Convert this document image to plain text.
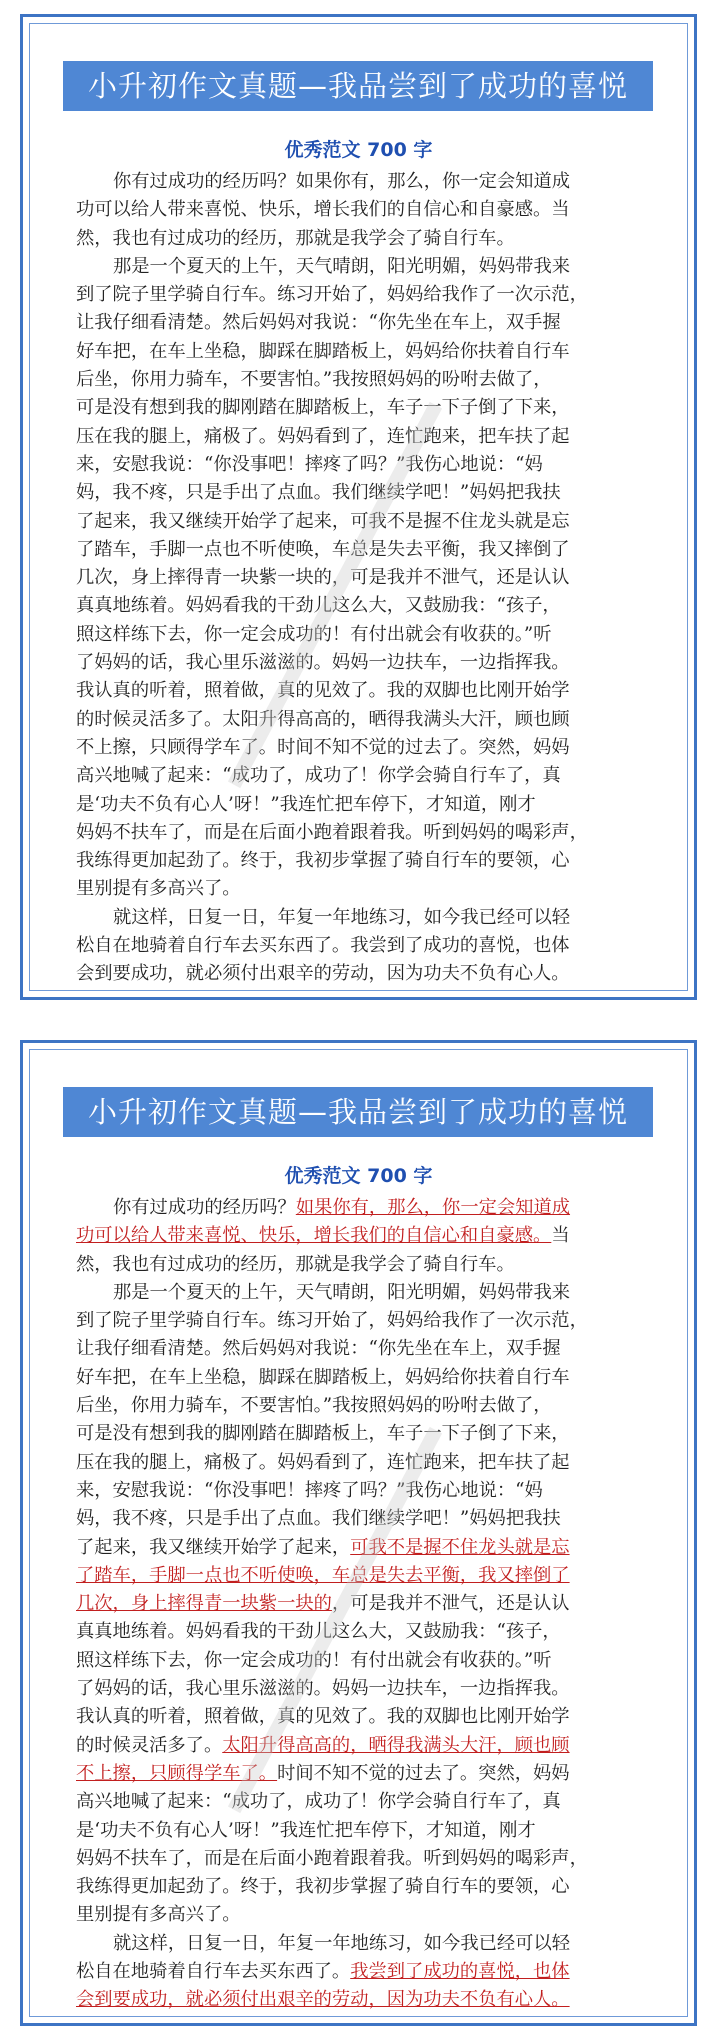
小升初作文真题—我品尝到了成功的喜悦
优秀范文 700 字
你有过成功的经历吗？如果你有，那么，你一定会知道成
功可以给人带来喜悦、快乐，增长我们的自信心和自豪感。当
然，我也有过成功的经历，那就是我学会了骑自行车。
那是一个夏天的上午，天气晴朗，阳光明媚，妈妈带我来
到了院子里学骑自行车。练习开始了，妈妈给我作了一次示范，
让我仔细看清楚。然后妈妈对我说：“你先坐在车上，双手握
好车把，在车上坐稳，脚踩在脚踏板上，妈妈给你扶着自行车
后坐，你用力骑车，不要害怕。”我按照妈妈的吩咐去做了，
可是没有想到我的脚刚踏在脚踏板上，车子一下子倒了下来，
压在我的腿上，痛极了。妈妈看到了，连忙跑来，把车扶了起
来，安慰我说：“你没事吧！摔疼了吗？”我伤心地说：“妈
妈，我不疼，只是手出了点血。我们继续学吧！”妈妈把我扶
了起来，我又继续开始学了起来，可我不是握不住龙头就是忘
了踏车，手脚一点也不听使唤，车总是失去平衡，我又摔倒了
几次，身上摔得青一块紫一块的，可是我并不泄气，还是认认
真真地练着。妈妈看我的干劲儿这么大，又鼓励我：“孩子，
照这样练下去，你一定会成功的！有付出就会有收获的。”听
了妈妈的话，我心里乐滋滋的。妈妈一边扶车，一边指挥我。
我认真的听着，照着做，真的见效了。我的双脚也比刚开始学
的时候灵活多了。太阳升得高高的，晒得我满头大汗，顾也顾
不上擦，只顾得学车了。时间不知不觉的过去了。突然，妈妈
高兴地喊了起来：“成功了，成功了！你学会骑自行车了，真
是‘功夫不负有心人’呀！”我连忙把车停下，才知道，刚才
妈妈不扶车了，而是在后面小跑着跟着我。听到妈妈的喝彩声，
我练得更加起劲了。终于，我初步掌握了骑自行车的要领，心
里别提有多高兴了。
就这样，日复一日，年复一年地练习，如今我已经可以轻
松自在地骑着自行车去买东西了。我尝到了成功的喜悦，也体
会到要成功，就必须付出艰辛的劳动，因为功夫不负有心人。
小升初作文真题—我品尝到了成功的喜悦
优秀范文 700 字
你有过成功的经历吗？如果你有，那么，你一定会知道成
功可以给人带来喜悦、快乐，增长我们的自信心和自豪感。当
然，我也有过成功的经历，那就是我学会了骑自行车。
那是一个夏天的上午，天气晴朗，阳光明媚，妈妈带我来
到了院子里学骑自行车。练习开始了，妈妈给我作了一次示范，
让我仔细看清楚。然后妈妈对我说：“你先坐在车上，双手握
好车把，在车上坐稳，脚踩在脚踏板上，妈妈给你扶着自行车
后坐，你用力骑车，不要害怕。”我按照妈妈的吩咐去做了，
可是没有想到我的脚刚踏在脚踏板上，车子一下子倒了下来，
压在我的腿上，痛极了。妈妈看到了，连忙跑来，把车扶了起
来，安慰我说：“你没事吧！摔疼了吗？”我伤心地说：“妈
妈，我不疼，只是手出了点血。我们继续学吧！”妈妈把我扶
了起来，我又继续开始学了起来，可我不是握不住龙头就是忘
了踏车，手脚一点也不听使唤，车总是失去平衡，我又摔倒了
几次，身上摔得青一块紫一块的，可是我并不泄气，还是认认
真真地练着。妈妈看我的干劲儿这么大，又鼓励我：“孩子，
照这样练下去，你一定会成功的！有付出就会有收获的。”听
了妈妈的话，我心里乐滋滋的。妈妈一边扶车，一边指挥我。
我认真的听着，照着做，真的见效了。我的双脚也比刚开始学
的时候灵活多了。太阳升得高高的，晒得我满头大汗，顾也顾
不上擦，只顾得学车了。时间不知不觉的过去了。突然，妈妈
高兴地喊了起来：“成功了，成功了！你学会骑自行车了，真
是‘功夫不负有心人’呀！”我连忙把车停下，才知道，刚才
妈妈不扶车了，而是在后面小跑着跟着我。听到妈妈的喝彩声，
我练得更加起劲了。终于，我初步掌握了骑自行车的要领，心
里别提有多高兴了。
就这样，日复一日，年复一年地练习，如今我已经可以轻
松自在地骑着自行车去买东西了。我尝到了成功的喜悦，也体
会到要成功，就必须付出艰辛的劳动，因为功夫不负有心人。
